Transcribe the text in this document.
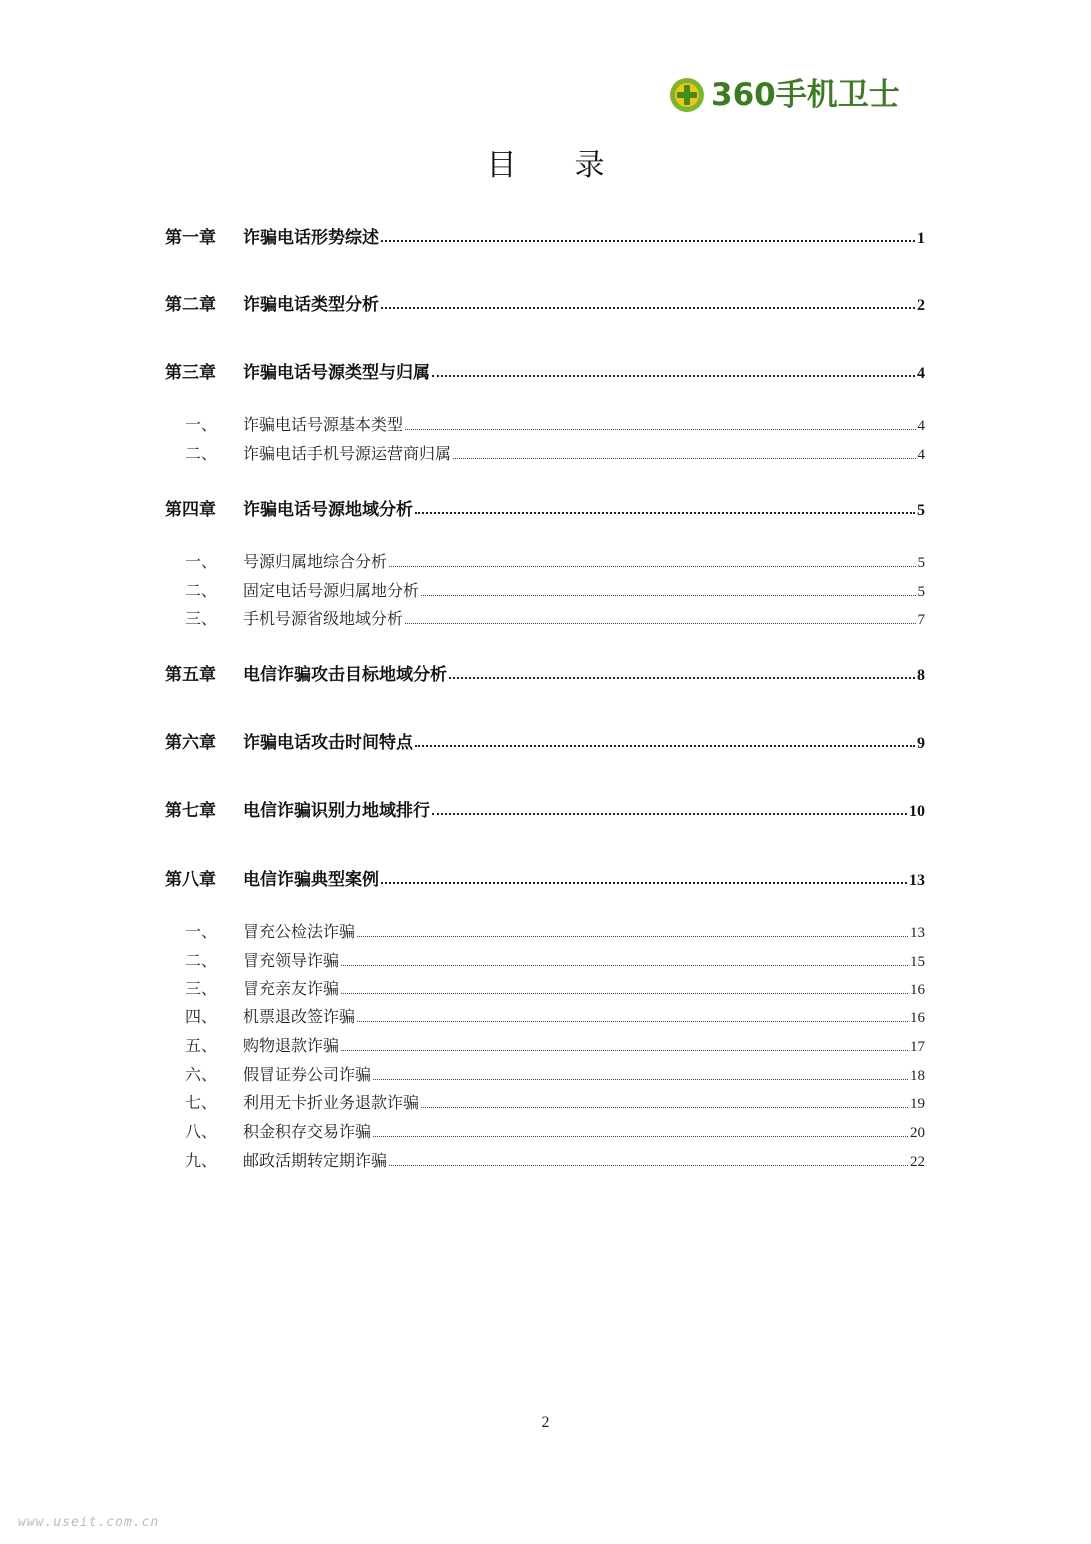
360手机卫士
目录
第一章	诈骗电话形势综述	1
第二章	诈骗电话类型分析	2
第三章	诈骗电话号源类型与归属	4
一、	诈骗电话号源基本类型	4
二、	诈骗电话手机号源运营商归属	4
第四章	诈骗电话号源地域分析	5
一、	号源归属地综合分析	5
二、	固定电话号源归属地分析	5
三、	手机号源省级地域分析	7
第五章	电信诈骗攻击目标地域分析	8
第六章	诈骗电话攻击时间特点	9
第七章	电信诈骗识别力地域排行	10
第八章	电信诈骗典型案例	13
一、	冒充公检法诈骗	13
二、	冒充领导诈骗	15
三、	冒充亲友诈骗	16
四、	机票退改签诈骗	16
五、	购物退款诈骗	17
六、	假冒证券公司诈骗	18
七、	利用无卡折业务退款诈骗	19
八、	积金积存交易诈骗	20
九、	邮政活期转定期诈骗	22
2
www.useit.com.cn
